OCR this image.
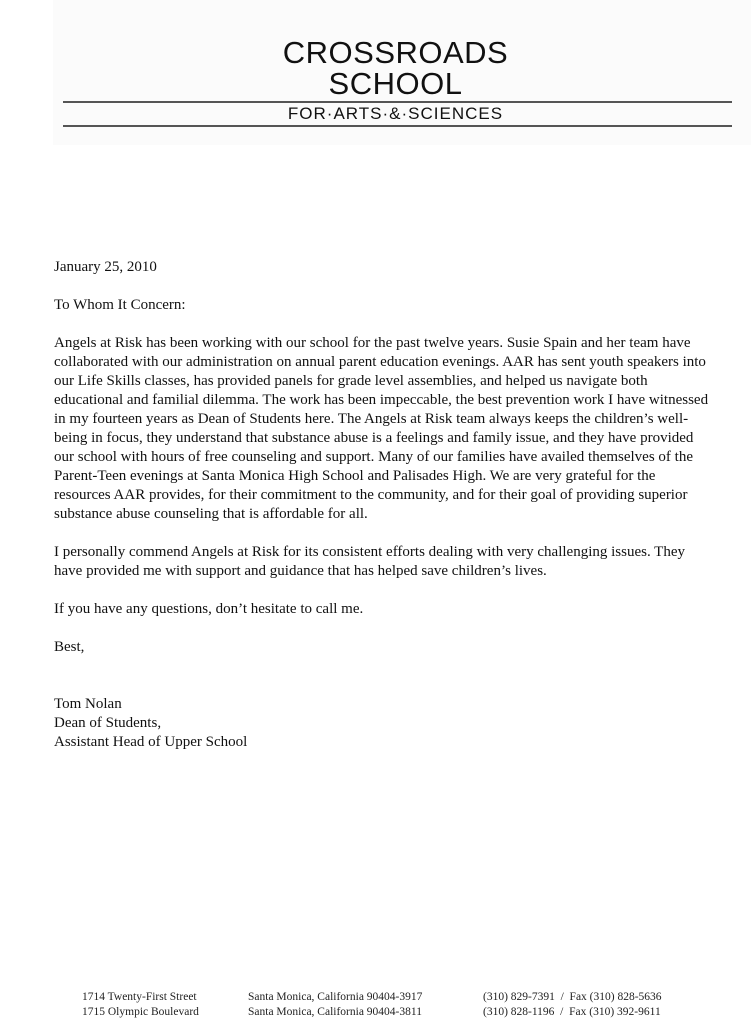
CROSSROADS
SCHOOL
FOR·ARTS·&·SCIENCES

January 25, 2010

To Whom It Concern:

Angels at Risk has been working with our school for the past twelve years. Susie Spain and her team have collaborated with our administration on annual parent education evenings. AAR has sent youth speakers into our Life Skills classes, has provided panels for grade level assemblies, and helped us navigate both educational and familial dilemma. The work has been impeccable, the best prevention work I have witnessed in my fourteen years as Dean of Students here. The Angels at Risk team always keeps the children’s well-being in focus, they understand that substance abuse is a feelings and family issue, and they have provided our school with hours of free counseling and support. Many of our families have availed themselves of the Parent-Teen evenings at Santa Monica High School and Palisades High. We are very grateful for the resources AAR provides, for their commitment to the community, and for their goal of providing superior substance abuse counseling that is affordable for all.

I personally commend Angels at Risk for its consistent efforts dealing with very challenging issues. They have provided me with support and guidance that has helped save children’s lives.

If you have any questions, don’t hesitate to call me.

Best,

Tom Nolan

Dean of Students,

Assistant Head of Upper School

1714 Twenty-First Street
1715 Olympic Boulevard
Santa Monica, California 90404-3917
Santa Monica, California 90404-3811
(310) 829-7391  /  Fax (310) 828-5636
(310) 828-1196  /  Fax (310) 392-9611
